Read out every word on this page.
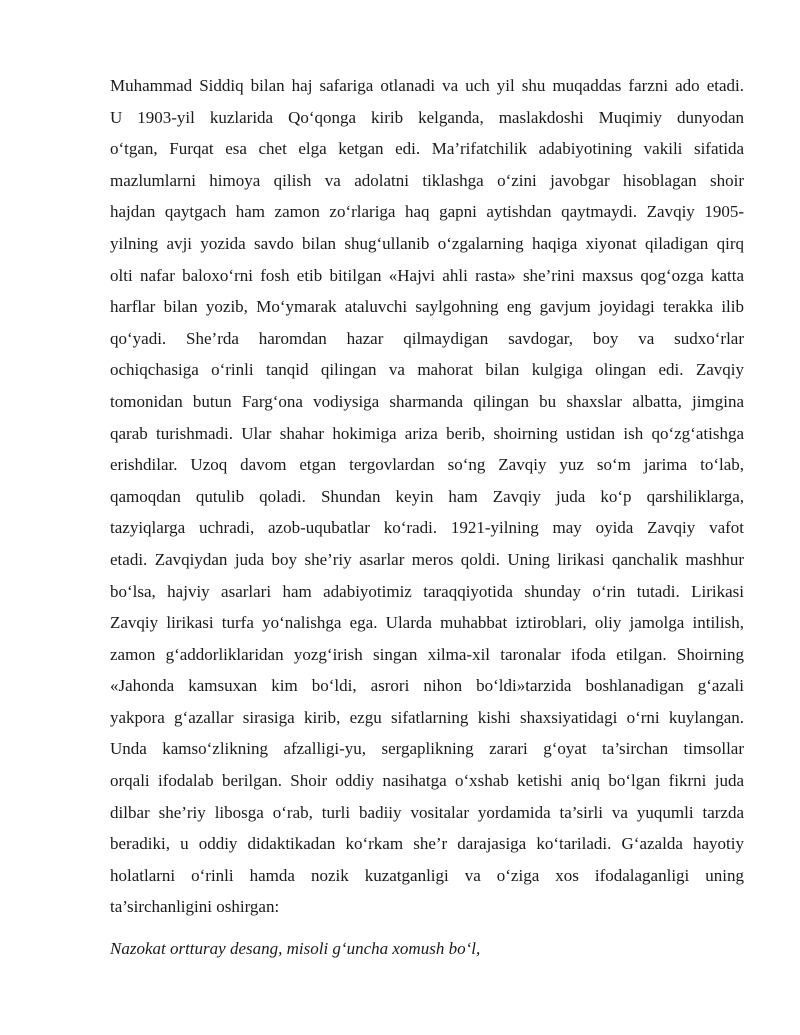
Muhammad Siddiq bilan haj safariga otlanadi va uch yil shu muqaddas farzni ado etadi.
U 1903-yil kuzlarida Qo‘qonga kirib kelganda, maslakdoshi Muqimiy dunyodan
o‘tgan, Furqat esa chet elga ketgan edi. Ma’rifatchilik adabiyotining vakili sifatida
mazlumlarni himoya qilish va adolatni tiklashga o‘zini javobgar hisoblagan shoir
hajdan qaytgach ham zamon zo‘rlariga haq gapni aytishdan qaytmaydi. Zavqiy 1905-
yilning avji yozida savdo bilan shug‘ullanib o‘zgalarning haqiga xiyonat qiladigan qirq
olti nafar baloxo‘rni fosh etib bitilgan «Hajvi ahli rasta» she’rini maxsus qog‘ozga katta
harflar bilan yozib, Mo‘ymarak ataluvchi saylgohning eng gavjum joyidagi terakka ilib
qo‘yadi. She’rda haromdan hazar qilmaydigan savdogar, boy va sudxo‘rlar
ochiqchasiga o‘rinli tanqid qilingan va mahorat bilan kulgiga olingan edi. Zavqiy
tomonidan butun Farg‘ona vodiysiga sharmanda qilingan bu shaxslar albatta, jimgina
qarab turishmadi. Ular shahar hokimiga ariza berib, shoirning ustidan ish qo‘zg‘atishga
erishdilar. Uzoq davom etgan tergovlardan so‘ng Zavqiy yuz so‘m jarima to‘lab,
qamoqdan qutulib qoladi. Shundan keyin ham Zavqiy juda ko‘p qarshiliklarga,
tazyiqlarga uchradi, azob-uqubatlar ko‘radi. 1921-yilning may oyida Zavqiy vafot
etadi. Zavqiydan juda boy she’riy asarlar meros qoldi. Uning lirikasi qanchalik mashhur
bo‘lsa, hajviy asarlari ham adabiyotimiz taraqqiyotida shunday o‘rin tutadi. Lirikasi
Zavqiy lirikasi turfa yo‘nalishga ega. Ularda muhabbat iztiroblari, oliy jamolga intilish,
zamon g‘addorliklaridan yozg‘irish singan xilma-xil taronalar ifoda etilgan. Shoirning
«Jahonda kamsuxan kim bo‘ldi, asrori nihon bo‘ldi»tarzida boshlanadigan g‘azali
yakpora g‘azallar sirasiga kirib, ezgu sifatlarning kishi shaxsiyatidagi o‘rni kuylangan.
Unda kamso‘zlikning afzalligi-yu, sergaplikning zarari g‘oyat ta’sirchan timsollar
orqali ifodalab berilgan. Shoir oddiy nasihatga o‘xshab ketishi aniq bo‘lgan fikrni juda
dilbar she’riy libosga o‘rab, turli badiiy vositalar yordamida ta’sirli va yuqumli tarzda
beradiki, u oddiy didaktikadan ko‘rkam she’r darajasiga ko‘tariladi. G‘azalda hayotiy
holatlarni o‘rinli hamda nozik kuzatganligi va o‘ziga xos ifodalaganligi uning
ta’sirchanligini oshirgan:
Nazokat ortturay desang, misoli g‘uncha xomush bo‘l,
